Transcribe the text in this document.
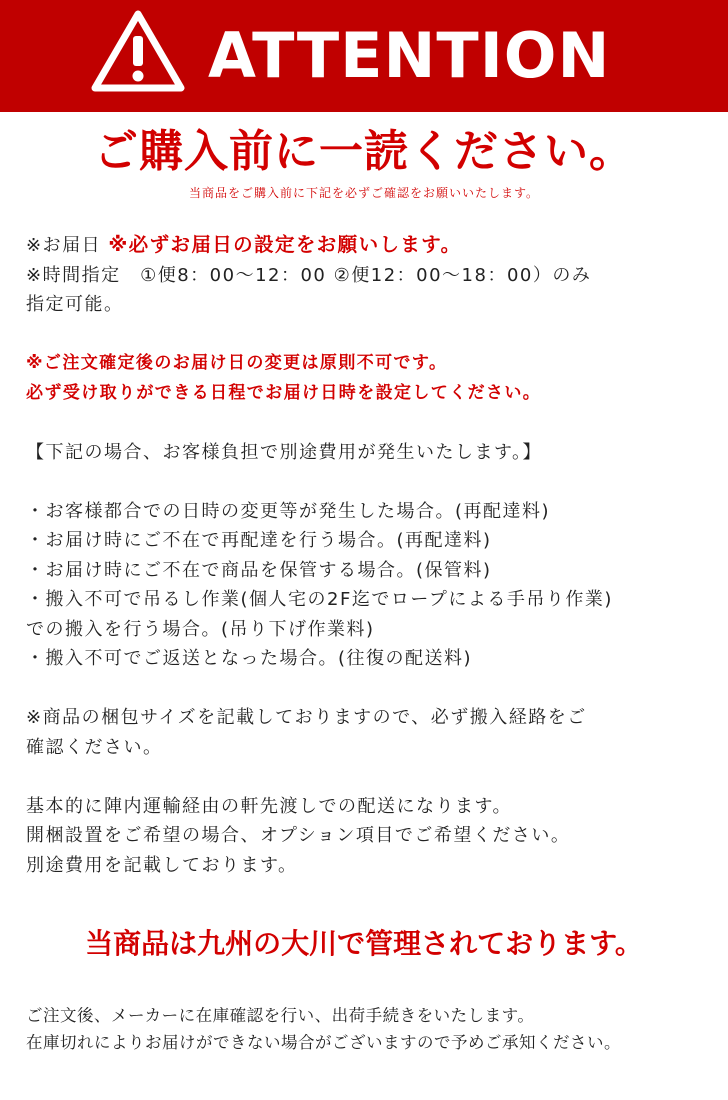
ATTENTION
ご購入前に一読ください。
当商品をご購入前に下記を必ずご確認をお願いいたします。
※お届日 ※必ずお届日の設定をお願いします。
※時間指定　①便8：00～12：00 ②便12：00～18：00）のみ
指定可能。
※ご注文確定後のお届け日の変更は原則不可です。
必ず受け取りができる日程でお届け日時を設定してください。
【下記の場合、お客様負担で別途費用が発生いたします。】
・お客様都合での日時の変更等が発生した場合。(再配達料)
・お届け時にご不在で再配達を行う場合。(再配達料)
・お届け時にご不在で商品を保管する場合。(保管料)
・搬入不可で吊るし作業(個人宅の2F迄でロープによる手吊り作業)
での搬入を行う場合。(吊り下げ作業料)
・搬入不可でご返送となった場合。(往復の配送料)
※商品の梱包サイズを記載しておりますので、必ず搬入経路をご
確認ください。
基本的に陣内運輸経由の軒先渡しでの配送になります。
開梱設置をご希望の場合、オプション項目でご希望ください。
別途費用を記載しております。
当商品は九州の大川で管理されております。
ご注文後、メーカーに在庫確認を行い、出荷手続きをいたします。
在庫切れによりお届けができない場合がございますので予めご承知ください。
